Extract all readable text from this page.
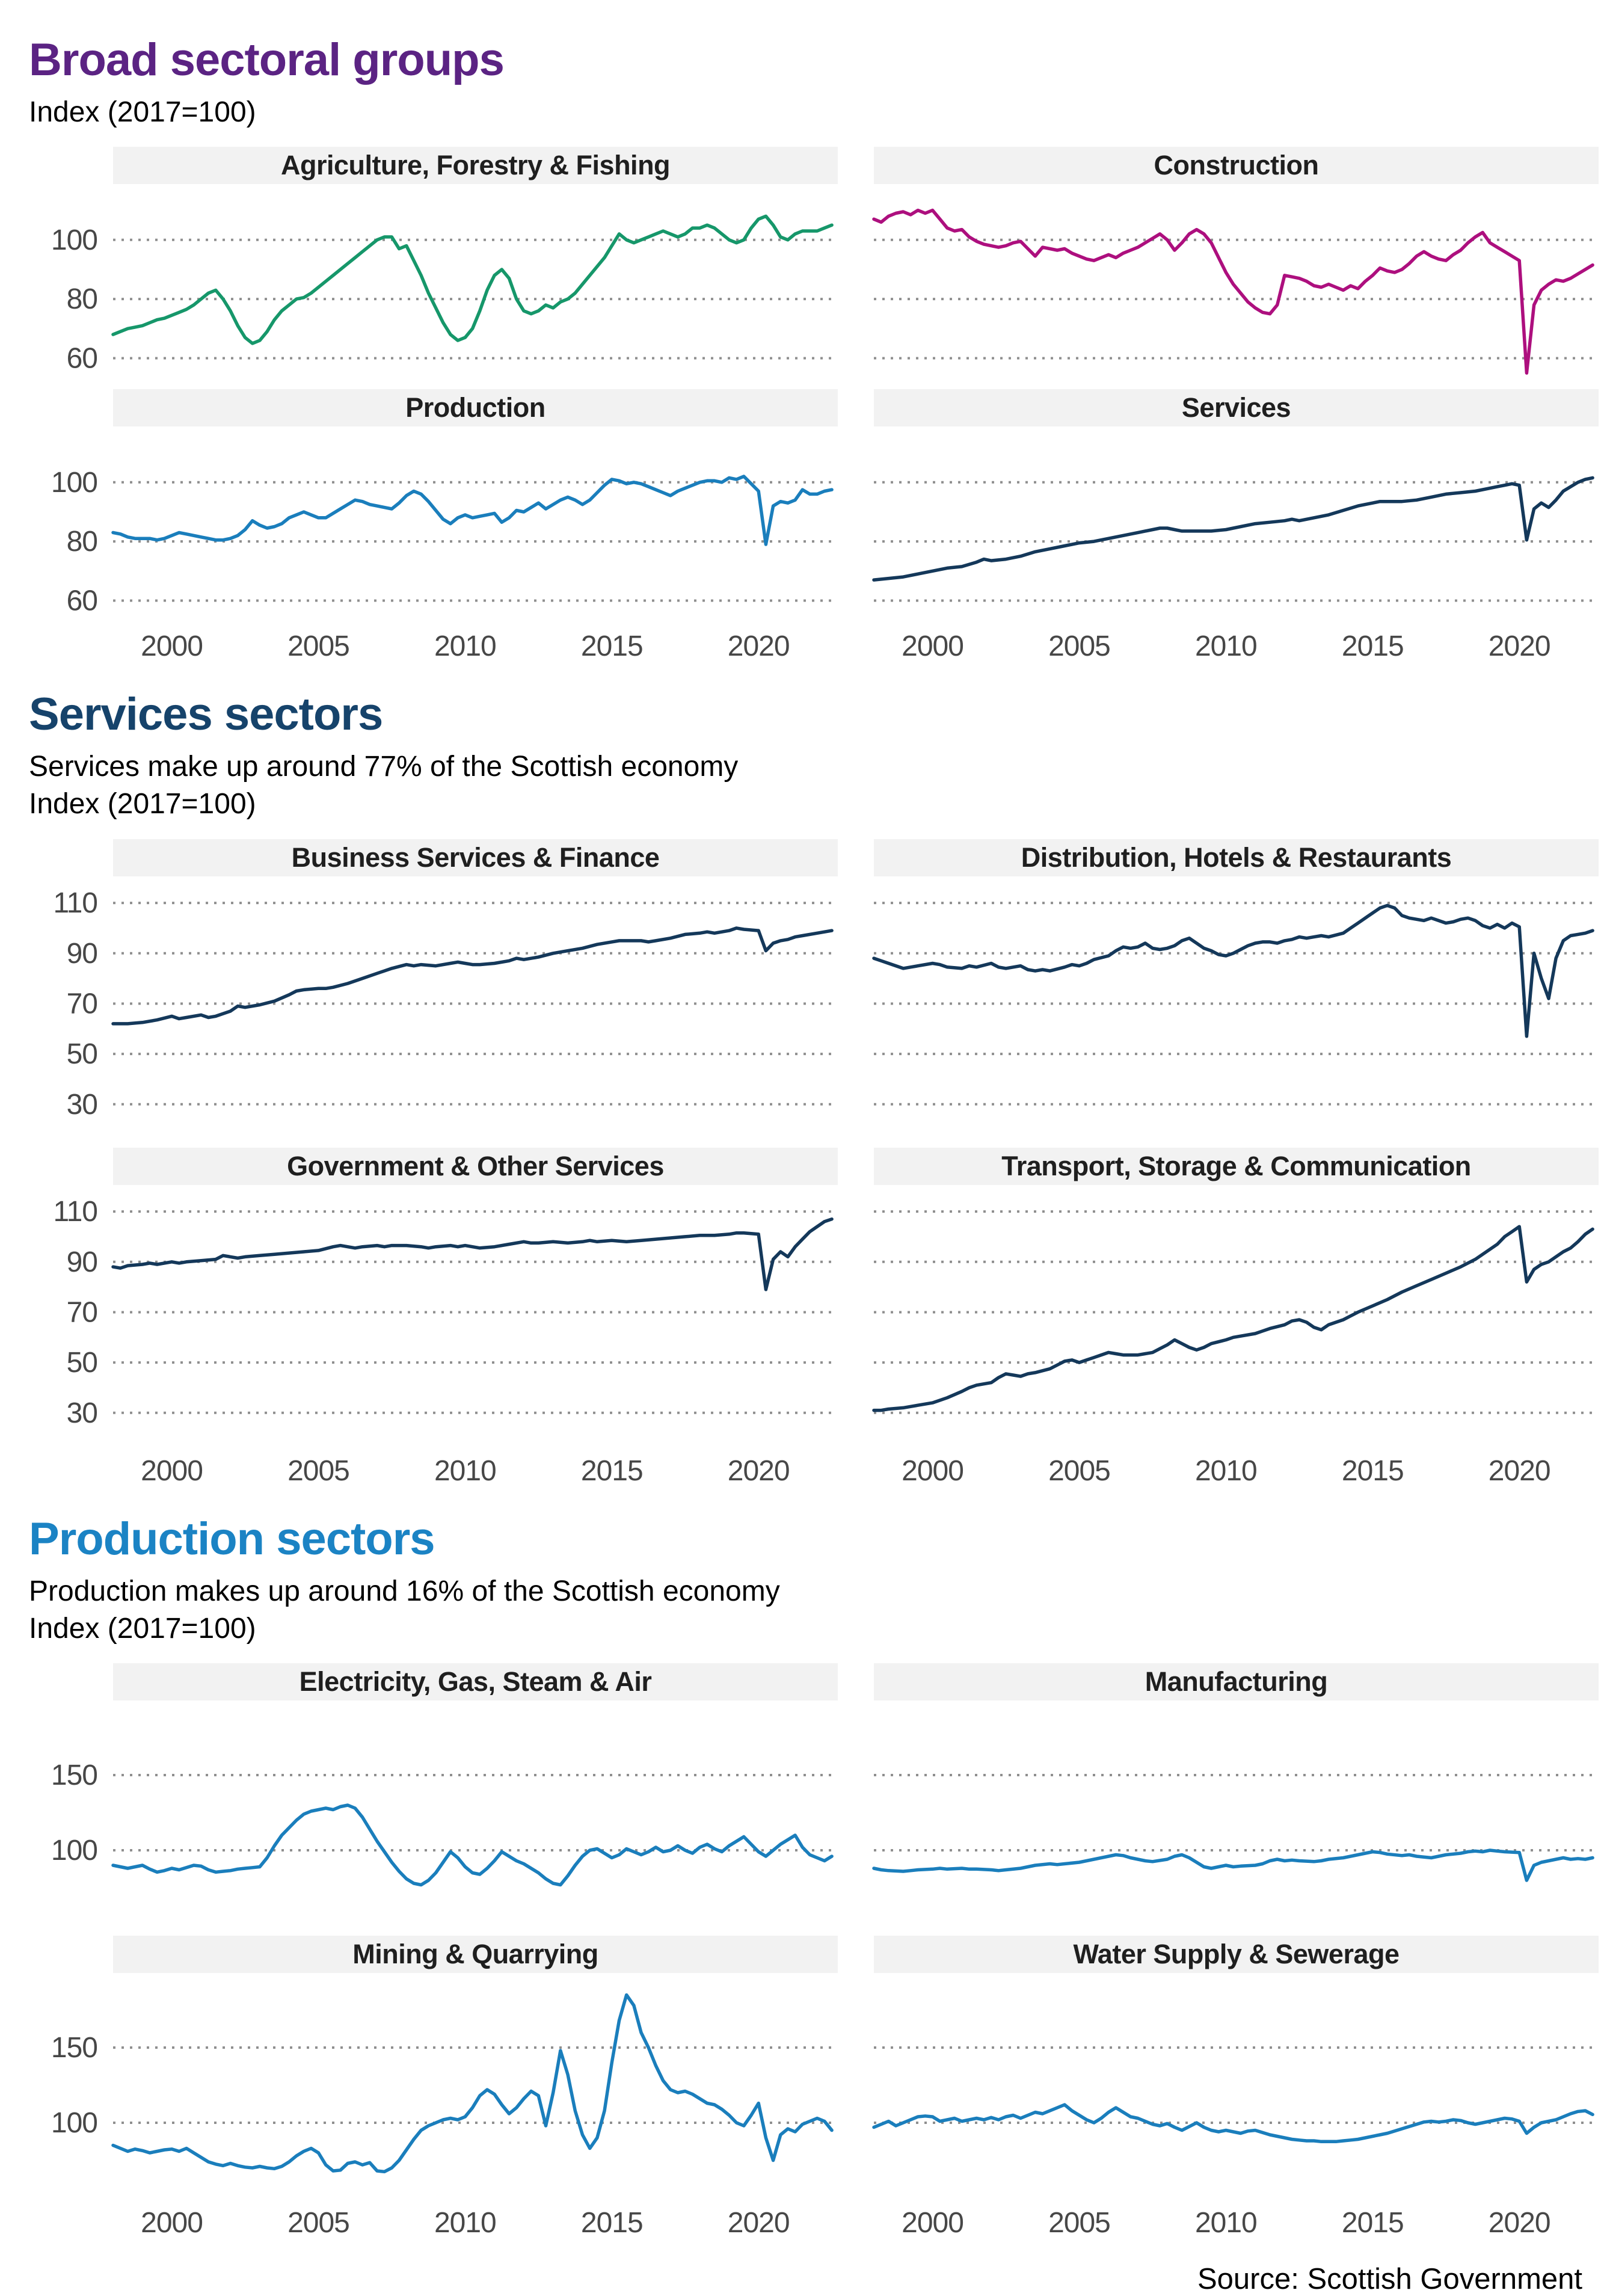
Broad sectoral groups

Index (2017=100)

Agriculture, Forestry & Fishing
100
80
60
Construction
Production
100
80
60
2000	2005	2010	2015	2020
Services
2000	2005	2010	2015	2020
Services sectors

Services make up around 77% of the Scottish economy

Index (2017=100)

Business Services & Finance
110
90
70
50
30
Distribution, Hotels & Restaurants
Government & Other Services
110
90
70
50
30
2000	2005	2010	2015	2020
Transport, Storage & Communication
2000	2005	2010	2015	2020
Production sectors

Production makes up around 16% of the Scottish economy

Index (2017=100)

Electricity, Gas, Steam & Air
150
100
Manufacturing
Mining & Quarrying
150
100
2000	2005	2010	2015	2020
Water Supply & Sewerage
2000	2005	2010	2015	2020
Source: Scottish Government
